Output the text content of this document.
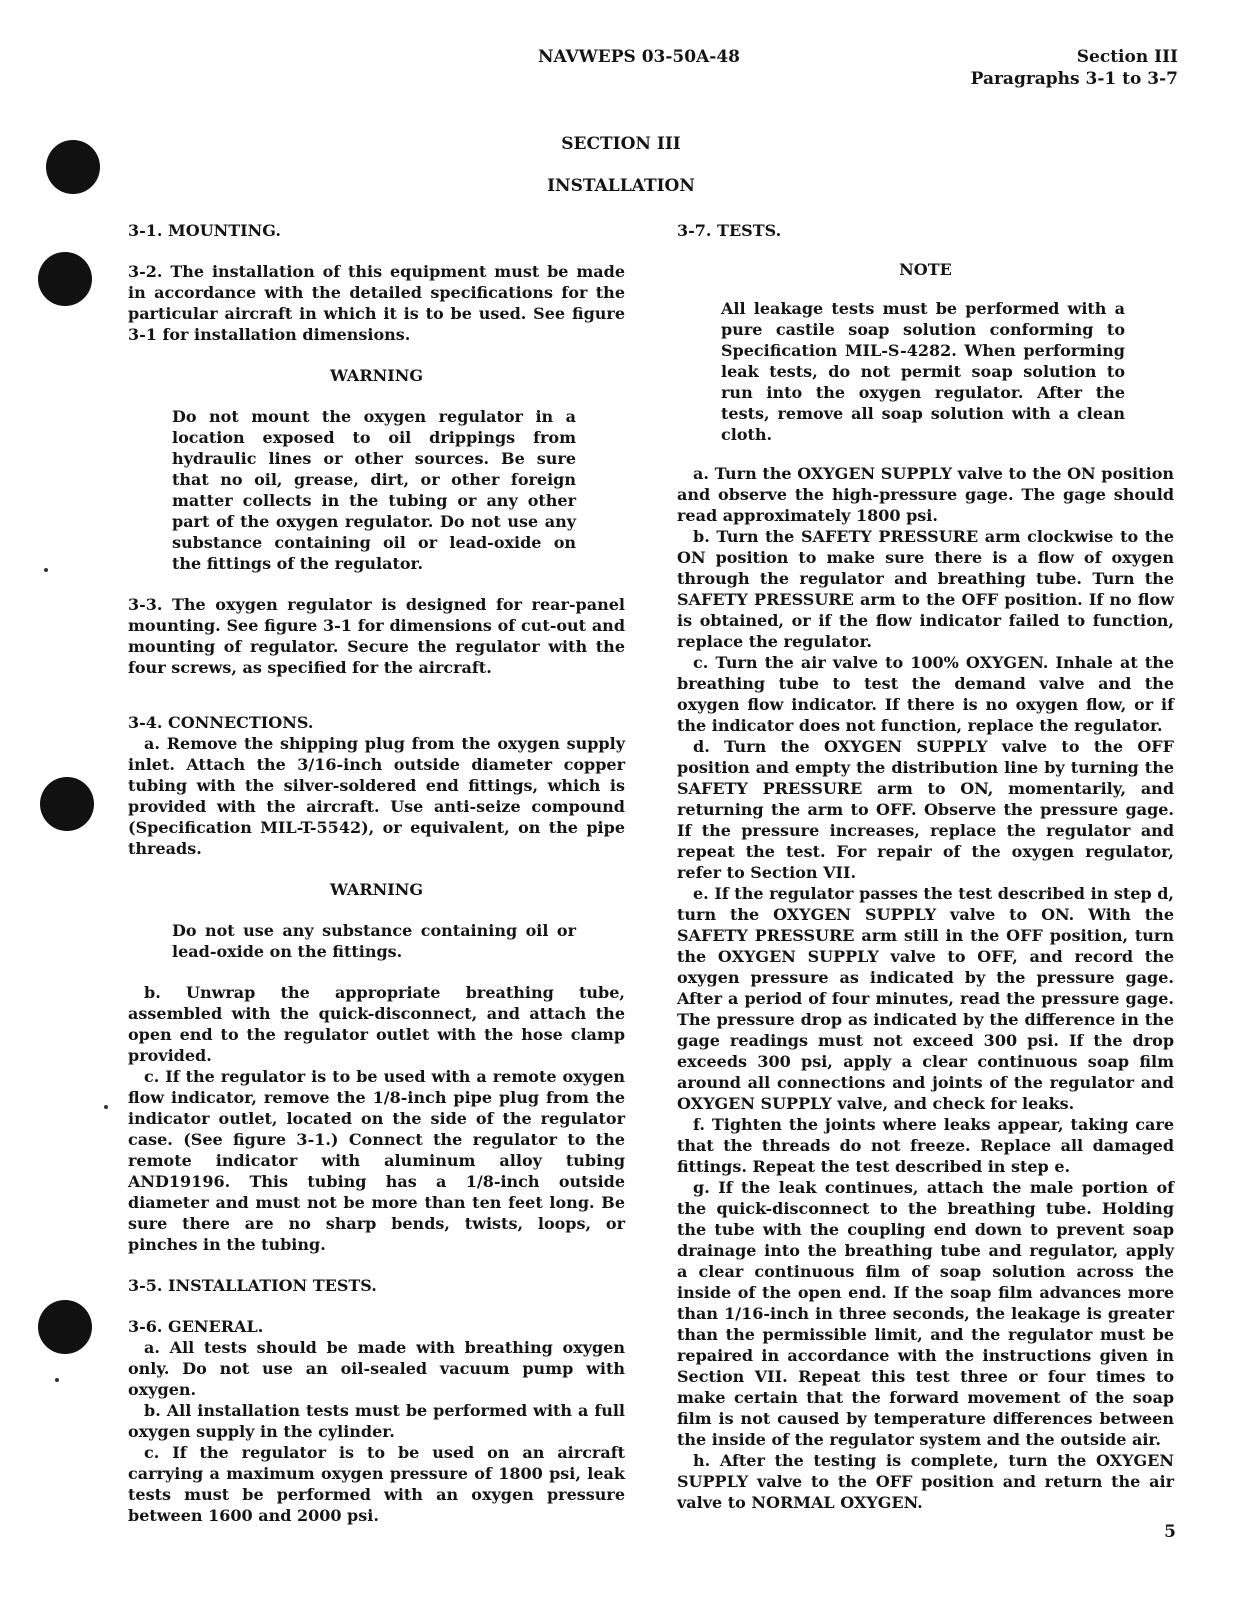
NAVWEPS 03-50A-48	Section III
Paragraphs 3-1 to 3-7
SECTION III
INSTALLATION

3-1. MOUNTING.

3-2. The installation of this equipment must be made in accordance with the detailed specifications for the particular aircraft in which it is to be used. See figure 3-1 for installation dimensions.

WARNING

Do not mount the oxygen regulator in a location exposed to oil drippings from hydraulic lines or other sources. Be sure that no oil, grease, dirt, or other foreign matter collects in the tubing or any other part of the oxygen regulator. Do not use any substance containing oil or lead-oxide on the fittings of the regulator.

3-3. The oxygen regulator is designed for rear-panel mounting. See figure 3-1 for dimensions of cut-out and mounting of regulator. Secure the regulator with the four screws, as specified for the aircraft.

3-4. CONNECTIONS.

a. Remove the shipping plug from the oxygen supply inlet. Attach the 3/16-inch outside diameter copper tubing with the silver-soldered end fittings, which is provided with the aircraft. Use anti-seize compound (Specification MIL-T-5542), or equivalent, on the pipe threads.

WARNING

Do not use any substance containing oil or lead-oxide on the fittings.

b. Unwrap the appropriate breathing tube, assembled with the quick-disconnect, and attach the open end to the regulator outlet with the hose clamp provided.

c. If the regulator is to be used with a remote oxygen flow indicator, remove the 1/8-inch pipe plug from the indicator outlet, located on the side of the regulator case. (See figure 3-1.) Connect the regulator to the remote indicator with aluminum alloy tubing AND19196. This tubing has a 1/8-inch outside diameter and must not be more than ten feet long. Be sure there are no sharp bends, twists, loops, or pinches in the tubing.

3-5. INSTALLATION TESTS.

3-6. GENERAL.

a. All tests should be made with breathing oxygen only. Do not use an oil-sealed vacuum pump with oxygen.

b. All installation tests must be performed with a full oxygen supply in the cylinder.

c. If the regulator is to be used on an aircraft carrying a maximum oxygen pressure of 1800 psi, leak tests must be performed with an oxygen pressure between 1600 and 2000 psi.

3-7. TESTS.

NOTE

All leakage tests must be performed with a pure castile soap solution conforming to Specification MIL-S-4282. When performing leak tests, do not permit soap solution to run into the oxygen regulator. After the tests, remove all soap solution with a clean cloth.

a. Turn the OXYGEN SUPPLY valve to the ON position and observe the high-pressure gage. The gage should read approximately 1800 psi.

b. Turn the SAFETY PRESSURE arm clockwise to the ON position to make sure there is a flow of oxygen through the regulator and breathing tube. Turn the SAFETY PRESSURE arm to the OFF position. If no flow is obtained, or if the flow indicator failed to function, replace the regulator.

c. Turn the air valve to 100% OXYGEN. Inhale at the breathing tube to test the demand valve and the oxygen flow indicator. If there is no oxygen flow, or if the indicator does not function, replace the regulator.

d. Turn the OXYGEN SUPPLY valve to the OFF position and empty the distribution line by turning the SAFETY PRESSURE arm to ON, momentarily, and returning the arm to OFF. Observe the pressure gage. If the pressure increases, replace the regulator and repeat the test. For repair of the oxygen regulator, refer to Section VII.

e. If the regulator passes the test described in step d, turn the OXYGEN SUPPLY valve to ON. With the SAFETY PRESSURE arm still in the OFF position, turn the OXYGEN SUPPLY valve to OFF, and record the oxygen pressure as indicated by the pressure gage. After a period of four minutes, read the pressure gage. The pressure drop as indicated by the difference in the gage readings must not exceed 300 psi. If the drop exceeds 300 psi, apply a clear continuous soap film around all connections and joints of the regulator and OXYGEN SUPPLY valve, and check for leaks.

f. Tighten the joints where leaks appear, taking care that the threads do not freeze. Replace all damaged fittings. Repeat the test described in step e.

g. If the leak continues, attach the male portion of the quick-disconnect to the breathing tube. Holding the tube with the coupling end down to prevent soap drainage into the breathing tube and regulator, apply a clear continuous film of soap solution across the inside of the open end. If the soap film advances more than 1/16-inch in three seconds, the leakage is greater than the permissible limit, and the regulator must be repaired in accordance with the instructions given in Section VII. Repeat this test three or four times to make certain that the forward movement of the soap film is not caused by temperature differences between the inside of the regulator system and the outside air.

h. After the testing is complete, turn the OXYGEN SUPPLY valve to the OFF position and return the air valve to NORMAL OXYGEN.

5
